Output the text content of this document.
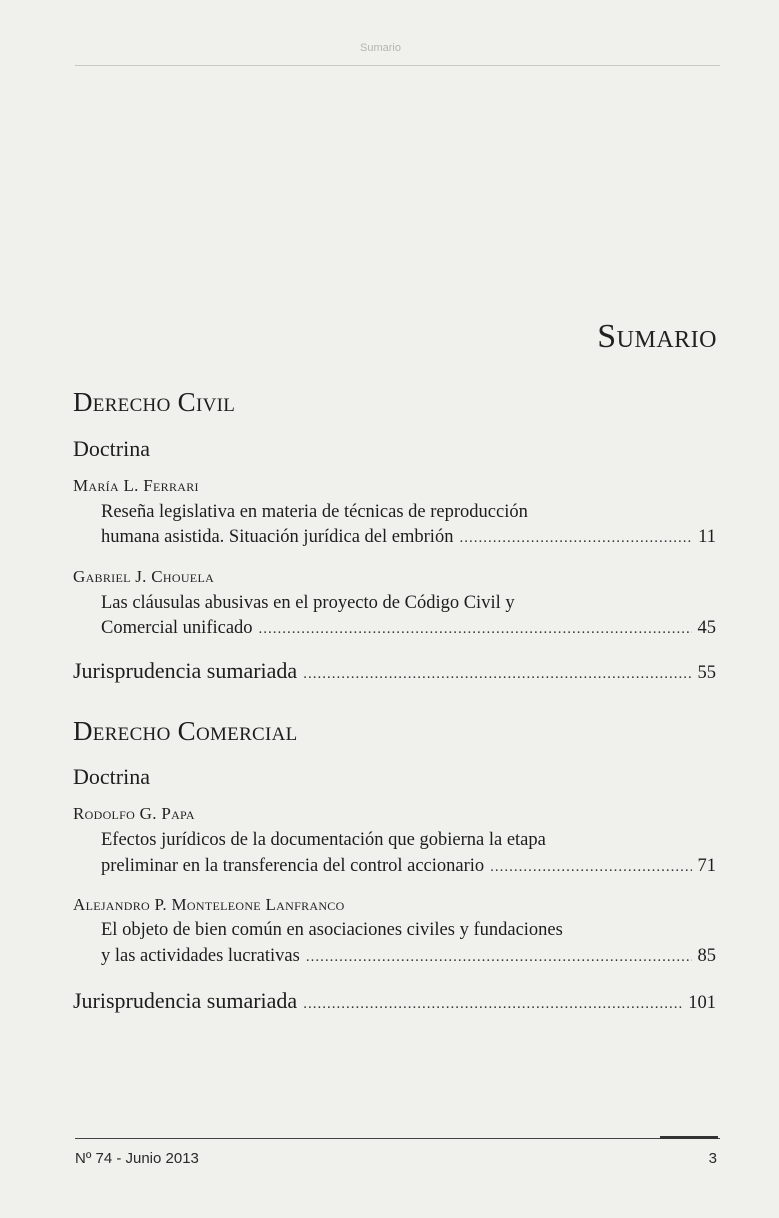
Sumario
Sumario
Derecho Civil
Doctrina
María L. Ferrari
Reseña legislativa en materia de técnicas de reproducción
humana asistida. Situación jurídica del embrión .....	11
Gabriel J. Chouela
Las cláusulas abusivas en el proyecto de Código Civil y
Comercial unificado .....	45
Jurisprudencia sumariada .....	55
Derecho Comercial
Doctrina
Rodolfo G. Papa
Efectos jurídicos de la documentación que gobierna la etapa
preliminar en la transferencia del control accionario .....	71
Alejandro P. Monteleone Lanfranco
El objeto de bien común en asociaciones civiles y fundaciones
y las actividades lucrativas .....	85
Jurisprudencia sumariada .....	101
Nº 74 - Junio 2013	3
